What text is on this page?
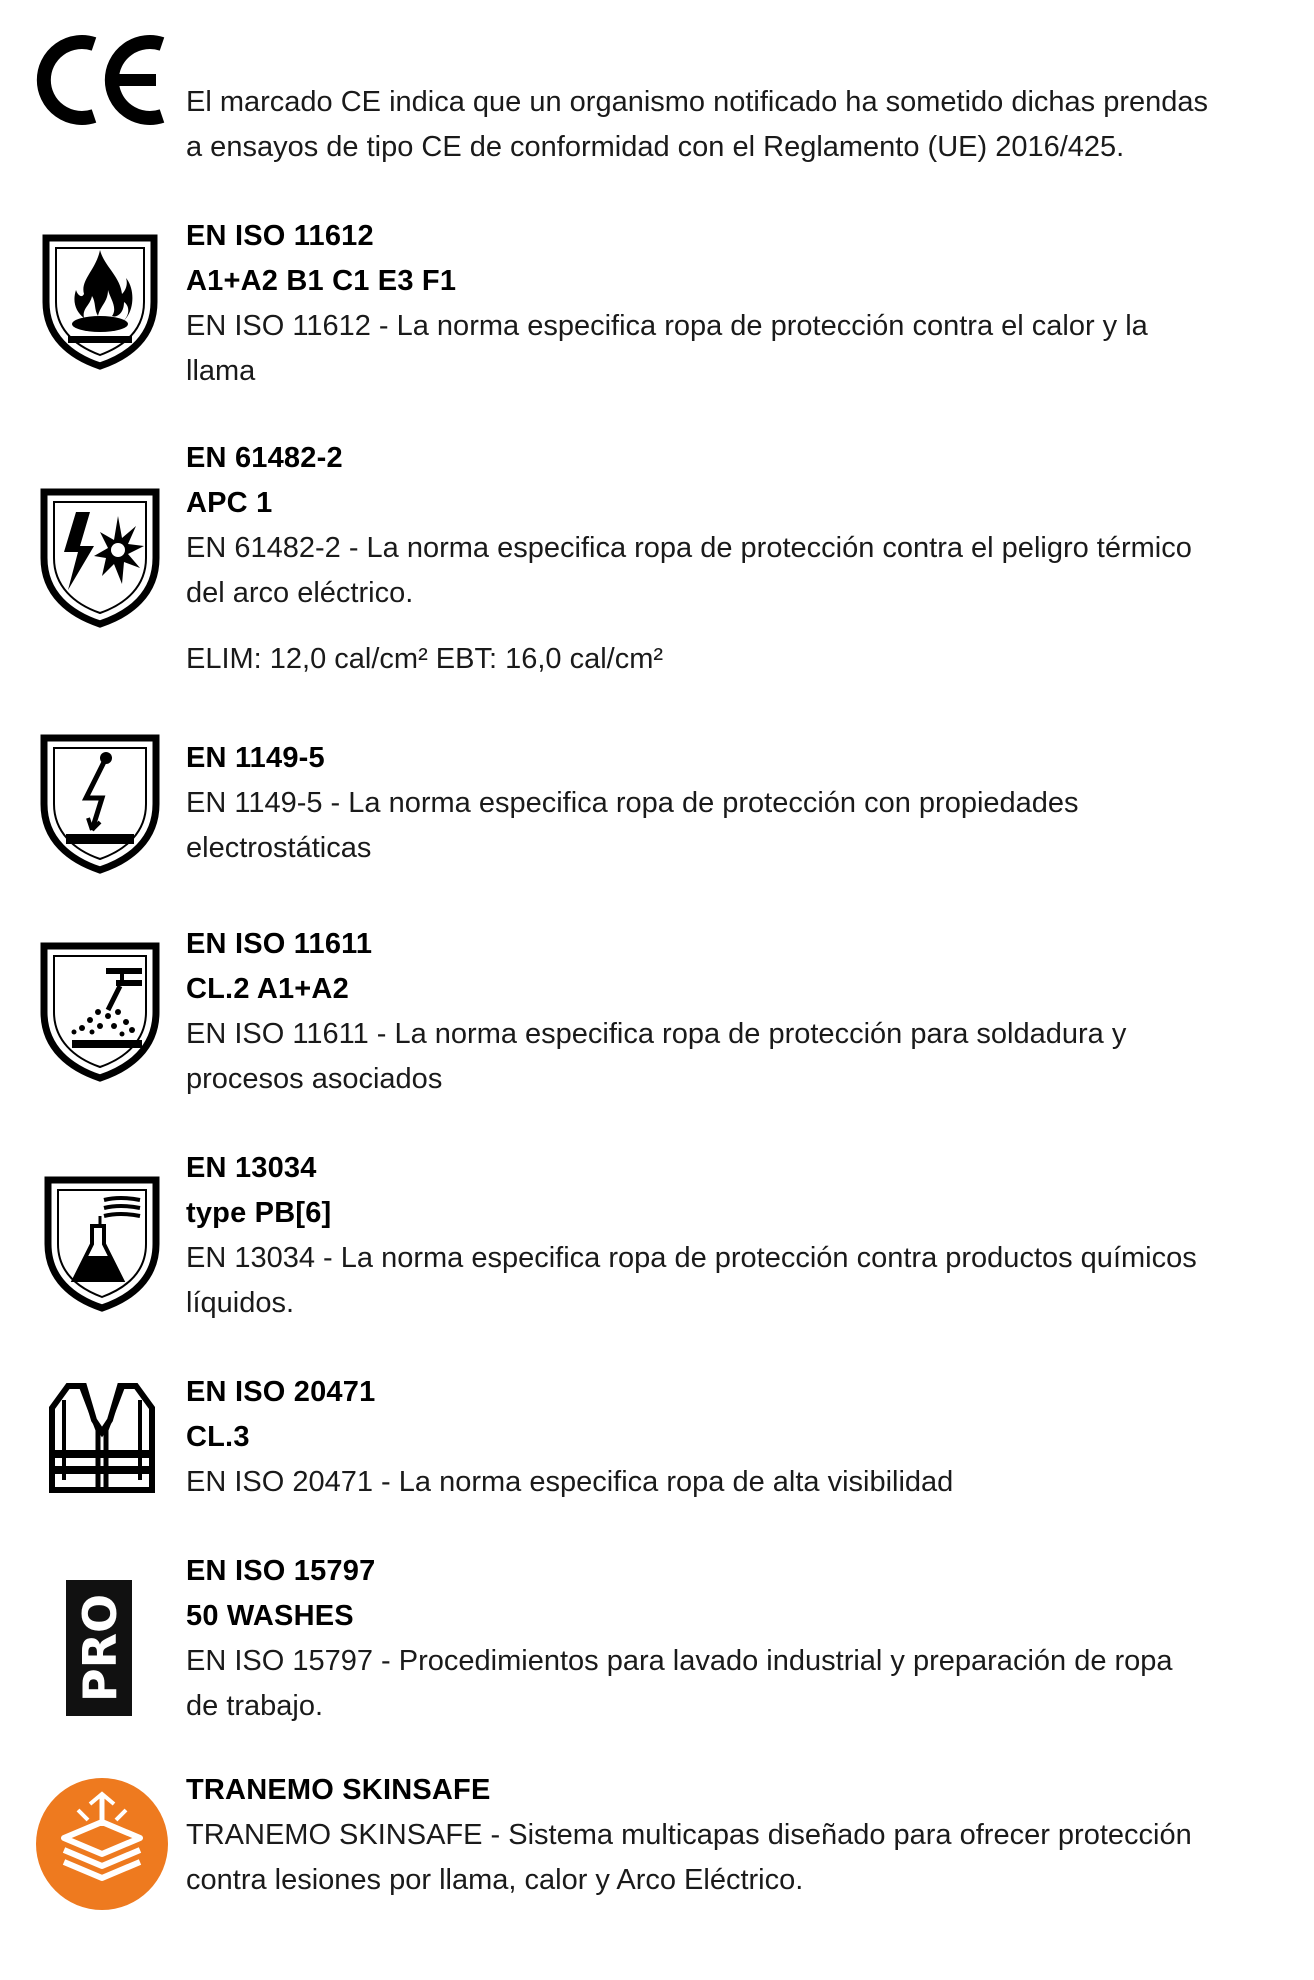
El marcado CE indica que un organismo notificado ha sometido dichas prendas
a ensayos de tipo CE de conformidad con el Reglamento (UE) 2016/425.
EN ISO 11612
A1+A2 B1 C1 E3 F1
EN ISO 11612 - La norma especifica ropa de protección contra el calor y la
llama
EN 61482-2
APC 1
EN 61482-2 - La norma especifica ropa de protección contra el peligro térmico
del arco eléctrico.
ELIM: 12,0 cal/cm² EBT: 16,0 cal/cm²
EN 1149-5
EN 1149-5 - La norma especifica ropa de protección con propiedades
electrostáticas
EN ISO 11611
CL.2 A1+A2
EN ISO 11611 - La norma especifica ropa de protección para soldadura y
procesos asociados
EN 13034
type PB[6]
EN 13034 - La norma especifica ropa de protección contra productos químicos
líquidos.
EN ISO 20471
CL.3
EN ISO 20471 - La norma especifica ropa de alta visibilidad
PRO
EN ISO 15797
50 WASHES
EN ISO 15797 - Procedimientos para lavado industrial y preparación de ropa
de trabajo.
TRANEMO SKINSAFE
TRANEMO SKINSAFE - Sistema multicapas diseñado para ofrecer protección
contra lesiones por llama, calor y Arco Eléctrico.
